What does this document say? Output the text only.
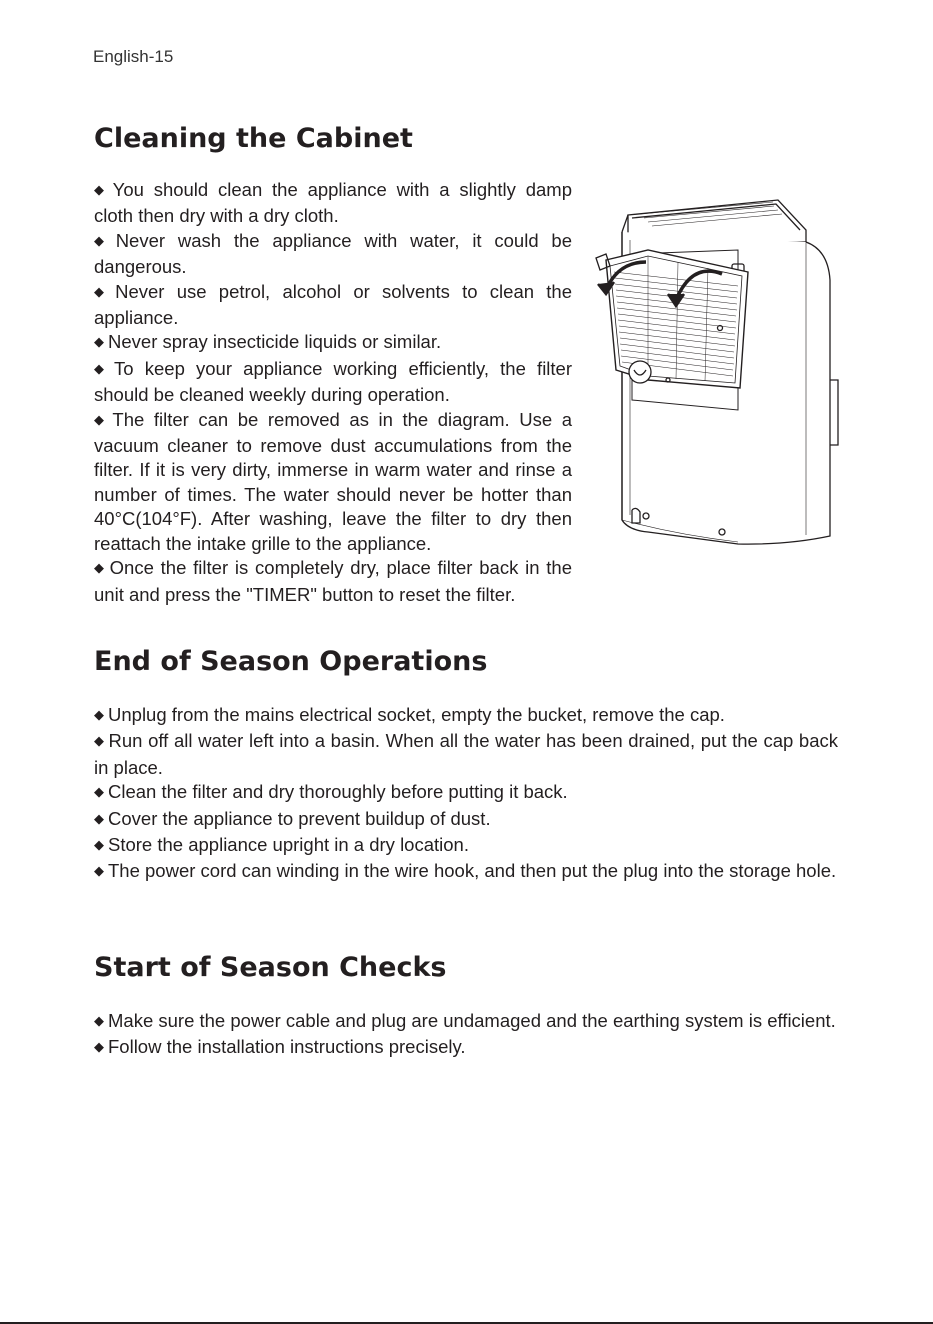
English-15
Cleaning the Cabinet
◆ You should clean the appliance with a slightly damp cloth then dry with a dry cloth.
◆ Never wash the appliance with water, it could be dangerous.
◆ Never use petrol, alcohol or solvents to clean the appliance.
◆ Never spray insecticide liquids or similar.
◆ To keep your appliance working efficiently, the filter should be cleaned weekly during operation.
◆ The filter can be removed as in the diagram. Use a vacuum cleaner to remove dust accumulations from the filter. If it is very dirty, immerse in warm water and rinse a number of times. The water should never be hotter than 40°C(104°F). After washing, leave the filter to dry then reattach the intake grille to the appliance.
◆ Once the filter is completely dry, place filter back in the unit and press the "TIMER" button to reset the filter.
End of Season Operations
◆ Unplug from the mains electrical socket, empty the bucket, remove the cap.
◆ Run off all water left into a basin. When all the water has been drained, put the cap back in place.
◆ Clean the filter and dry thoroughly before putting it back.
◆ Cover the appliance to prevent buildup of dust.
◆ Store the appliance upright in a dry location.
◆ The power cord can winding in the wire hook, and then put the plug into the storage hole.
Start of Season Checks
◆ Make sure the power cable and plug are undamaged and the earthing system is efficient.
◆ Follow the installation instructions precisely.
